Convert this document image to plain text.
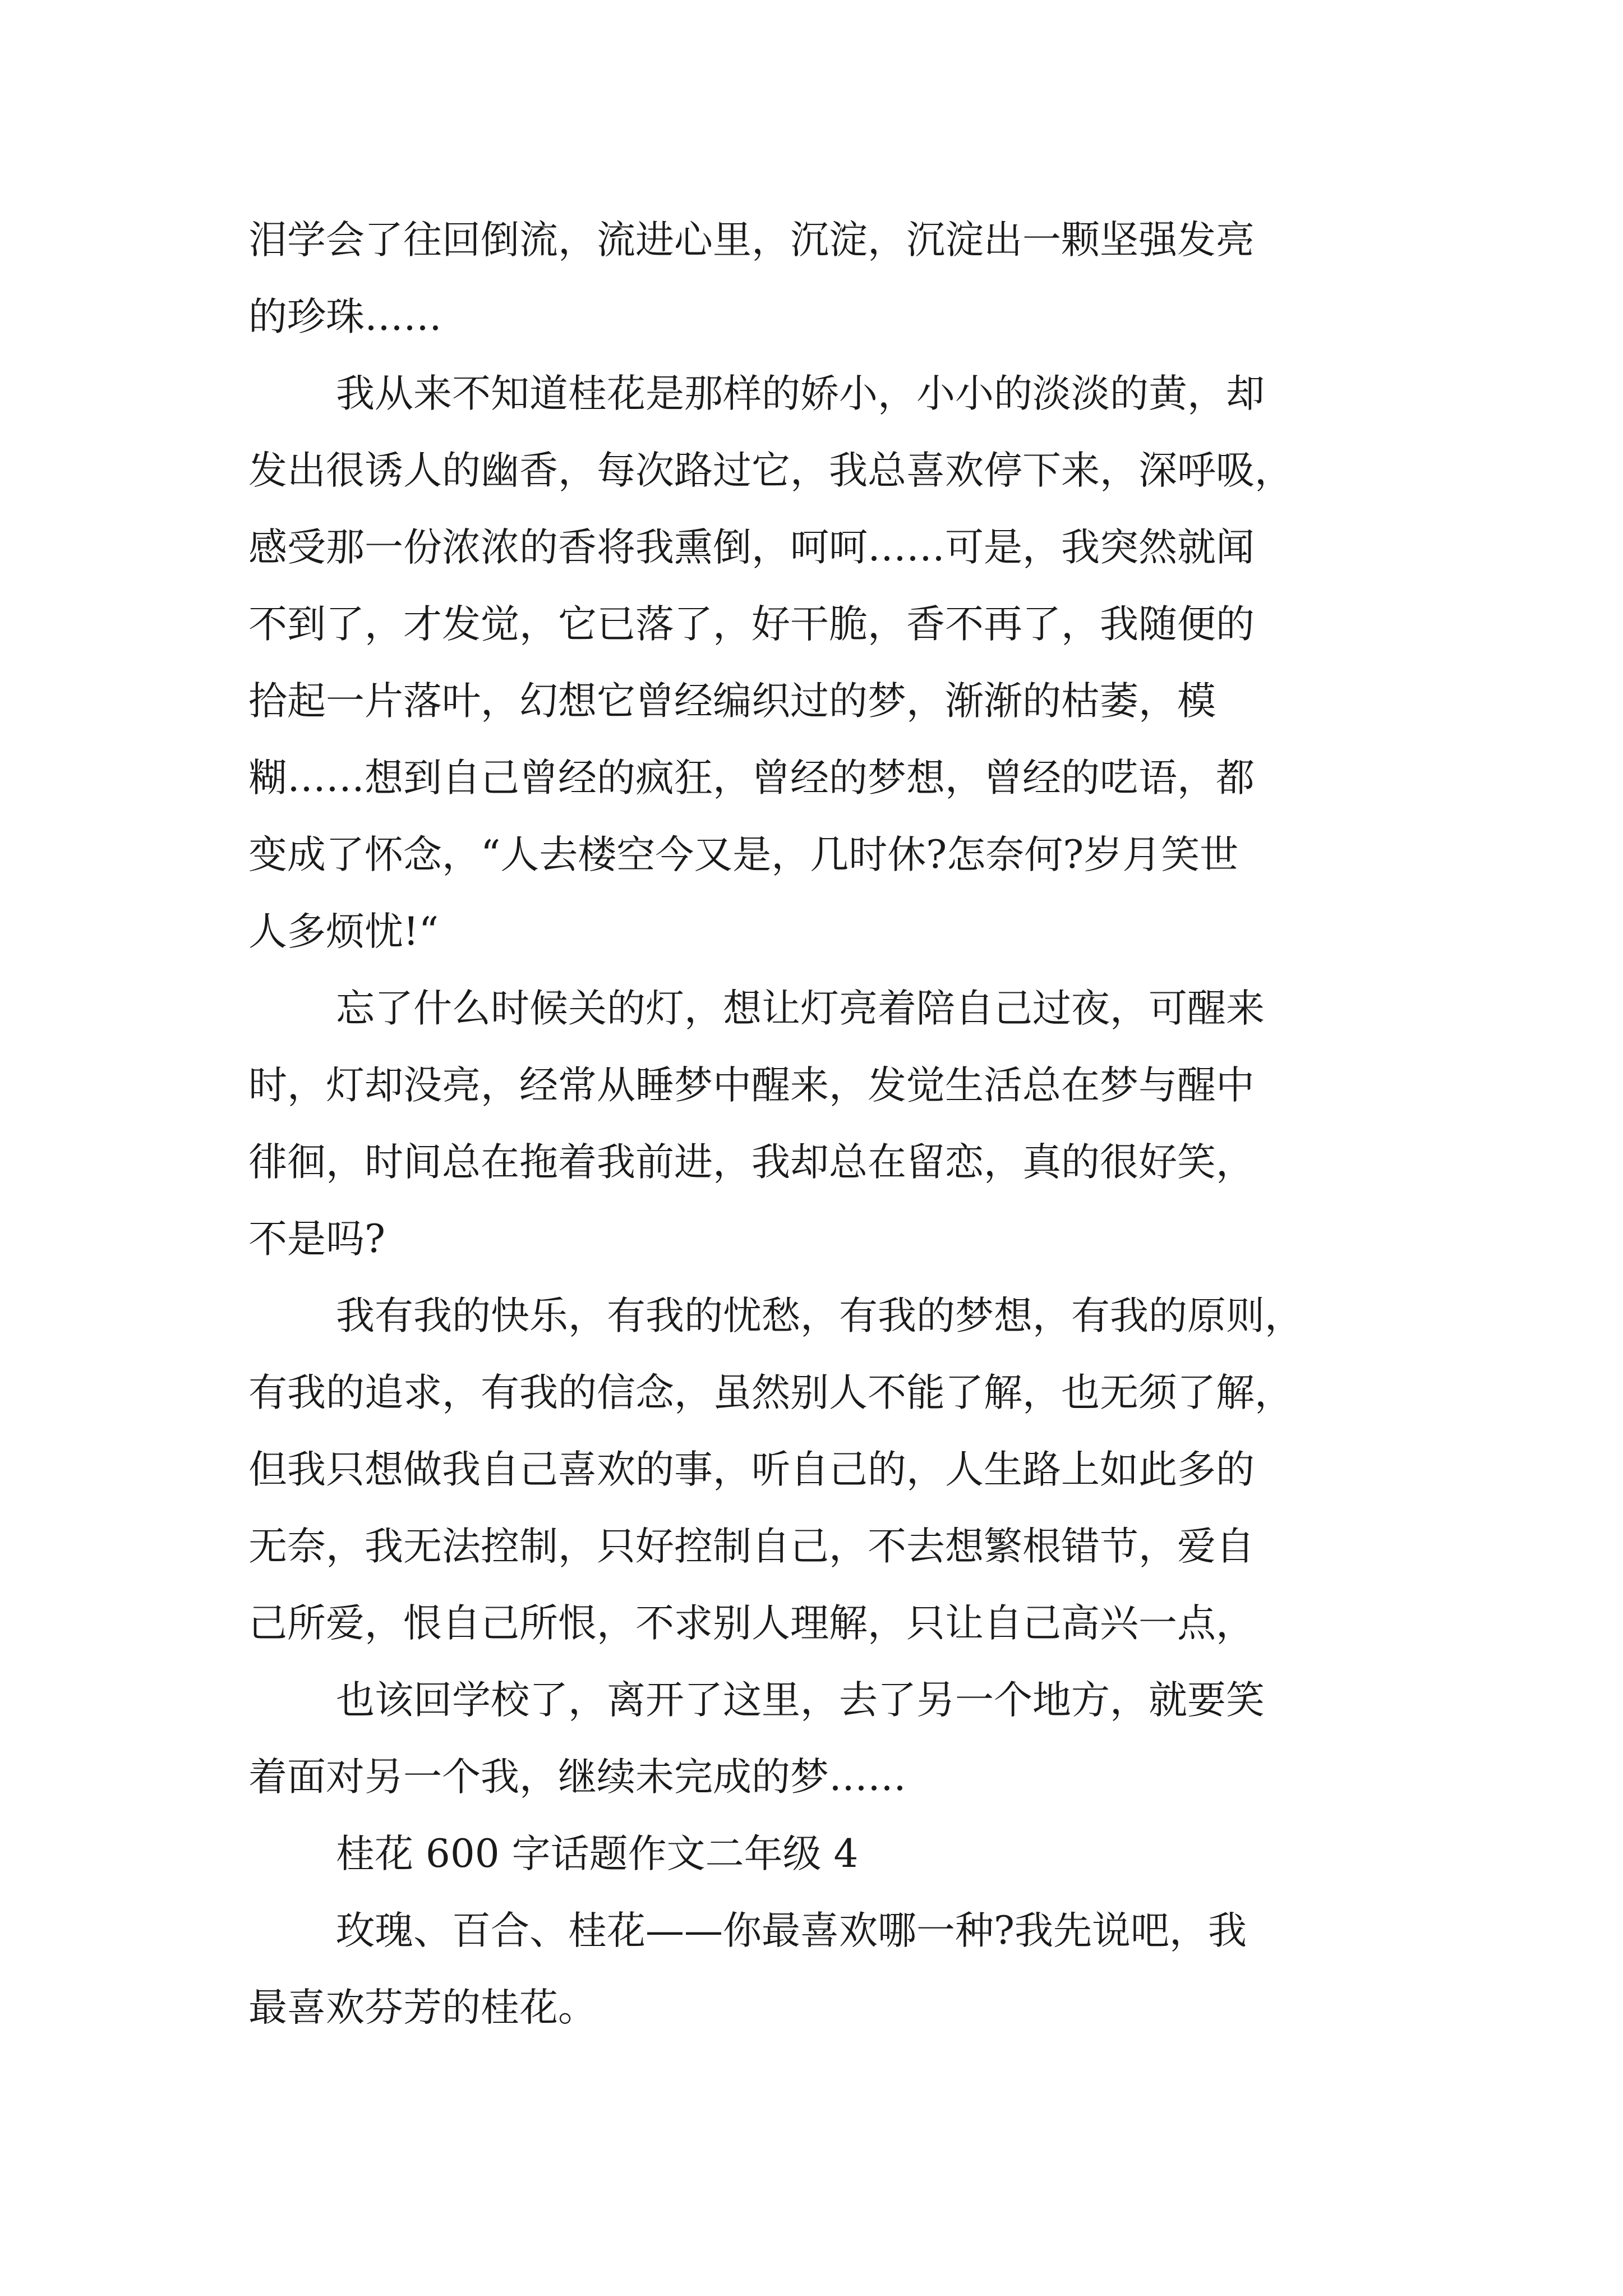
泪学会了往回倒流，流进心里，沉淀，沉淀出一颗坚强发亮
的珍珠……
我从来不知道桂花是那样的娇小，小小的淡淡的黄，却
发出很诱人的幽香，每次路过它，我总喜欢停下来，深呼吸，
感受那一份浓浓的香将我熏倒，呵呵……可是，我突然就闻
不到了，才发觉，它已落了，好干脆，香不再了，我随便的
拾起一片落叶，幻想它曾经编织过的梦，渐渐的枯萎，模
糊……想到自己曾经的疯狂，曾经的梦想，曾经的呓语，都
变成了怀念，“人去楼空今又是，几时休?怎奈何?岁月笑世
人多烦忧!“
忘了什么时候关的灯，想让灯亮着陪自己过夜，可醒来
时，灯却没亮，经常从睡梦中醒来，发觉生活总在梦与醒中
徘徊，时间总在拖着我前进，我却总在留恋，真的很好笑，
不是吗?
我有我的快乐，有我的忧愁，有我的梦想，有我的原则，
有我的追求，有我的信念，虽然别人不能了解，也无须了解，
但我只想做我自己喜欢的事，听自己的，人生路上如此多的
无奈，我无法控制，只好控制自己，不去想繁根错节，爱自
己所爱，恨自己所恨，不求别人理解，只让自己高兴一点，
也该回学校了，离开了这里，去了另一个地方，就要笑
着面对另一个我，继续未完成的梦……
桂花 600 字话题作文二年级 4
玫瑰、百合、桂花——你最喜欢哪一种?我先说吧，我
最喜欢芬芳的桂花。
